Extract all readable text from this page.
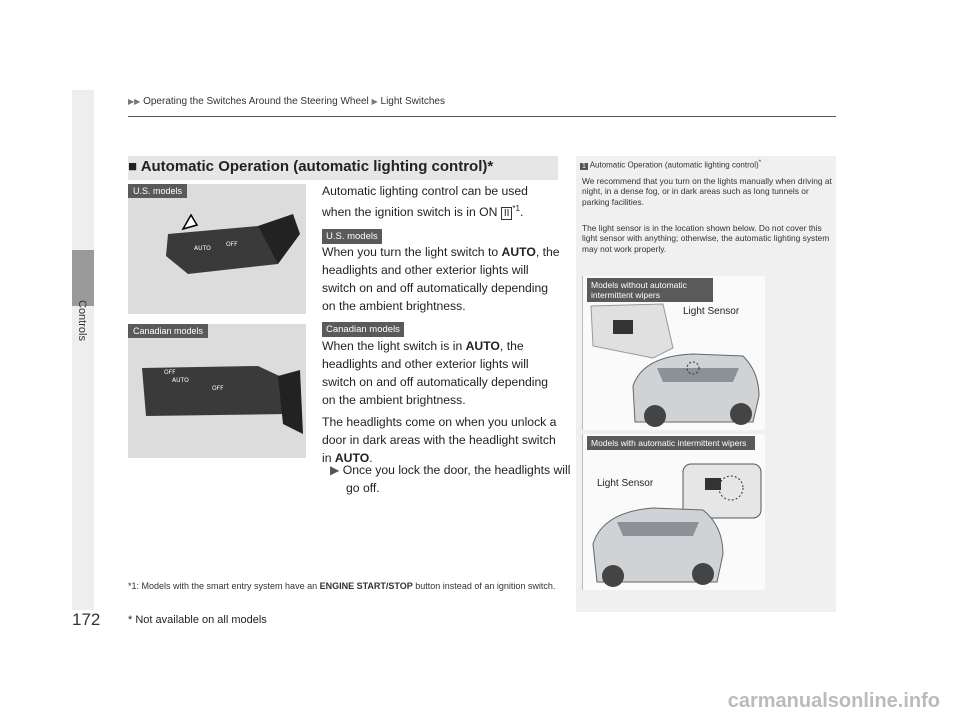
Controls
172
▶▶ Operating the Switches Around the Steering Wheel ▶ Light Switches
■ Automatic Operation (automatic lighting control)*
U.S. models
AUTO
OFF
Canadian models
OFF
AUTO
OFF
Automatic lighting control can be used when the ignition switch is in ON II $^{*1}$.
U.S. models
When you turn the light switch to AUTO, the headlights and other exterior lights will switch on and off automatically depending on the ambient brightness.
Canadian models
When the light switch is in AUTO, the headlights and other exterior lights will switch on and off automatically depending on the ambient brightness.
The headlights come on when you unlock a door in dark areas with the headlight switch in AUTO.
▶ Once you lock the door, the headlights will go off.
*1: Models with the smart entry system have an ENGINE START/STOP button instead of an ignition switch.
* Not available on all models
1 Automatic Operation (automatic lighting control)*
We recommend that you turn on the lights manually when driving at night, in a dense fog, or in dark areas such as long tunnels or parking facilities.
The light sensor is in the location shown below. Do not cover this light sensor with anything; otherwise, the automatic lighting system may not work properly.
Models without automatic intermittent wipers
Light Sensor
Models with automatic intermittent wipers
Light Sensor
carmanualsonline.info
